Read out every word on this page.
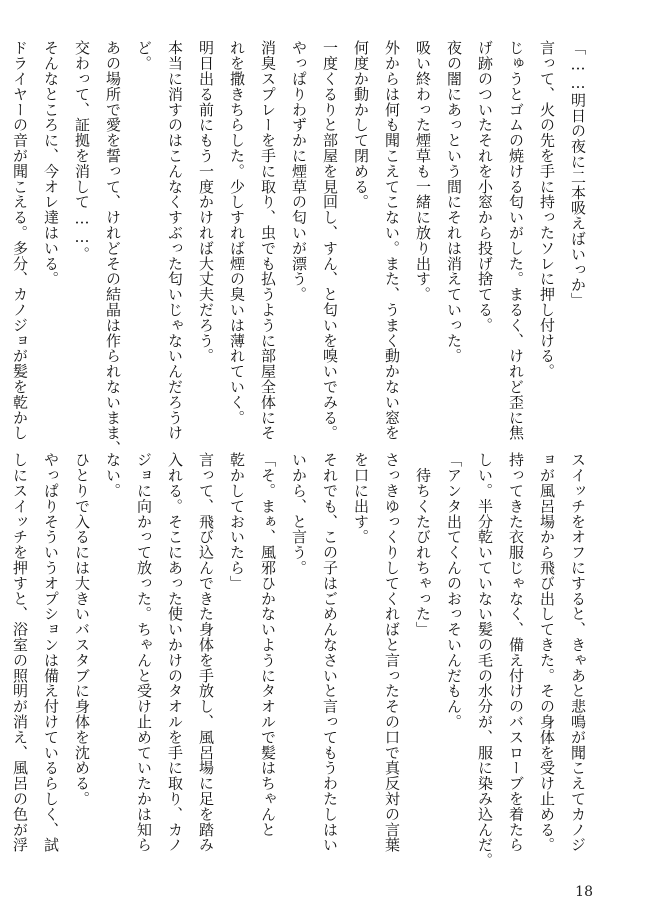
「……明日の夜に二本吸えばいっか」
言って、火の先を手に持ったソレに押し付ける。
じゅうとゴムの焼ける匂いがした。まるく、けれど歪に焦
げ跡のついたそれを小窓から投げ捨てる。
夜の闇にあっという間にそれは消えていった。
吸い終わった煙草も一緒に放り出す。
外からは何も聞こえてこない。また、うまく動かない窓を
何度か動かして閉める。
一度くるりと部屋を見回し、すん、と匂いを嗅いでみる。
やっぱりわずかに煙草の匂いが漂う。
消臭スプレーを手に取り、虫でも払うように部屋全体にそ
れを撒きちらした。少しすれば煙の臭いは薄れていく。
明日出る前にもう一度かければ大丈夫だろう。
本当に消すのはこんなくすぶった匂いじゃないんだろうけ
ど。
あの場所で愛を誓って、けれどその結晶は作られないまま、
交わって、証拠を消して……。
そんなところに、今オレ達はいる。
ドライヤーの音が聞こえる。多分、カノジョが髪を乾かし
スイッチをオフにすると、きゃあと悲鳴が聞こえてカノジ
ョが風呂場から飛び出してきた。その身体を受け止める。
持ってきた衣服じゃなく、備え付けのバスローブを着たら
しい。半分乾いていない髪の毛の水分が、服に染み込んだ。
「アンタ出てくんのおっそいんだもん。
　待ちくたびれちゃった」
さっきゆっくりしてくればと言ったその口で真反対の言葉
を口に出す。
それでも、この子はごめんなさいと言ってもうわたしはい
いから、と言う。
「そ。まぁ、風邪ひかないようにタオルで髪はちゃんと
乾かしておいたら」
言って、飛び込んできた身体を手放し、風呂場に足を踏み
入れる。そこにあった使いかけのタオルを手に取り、カノ
ジョに向かって放った。ちゃんと受け止めていたかは知ら
ない。
ひとりで入るには大きいバスタブに身体を沈める。
やっぱりそういうオプションは備え付けているらしく、試
しにスイッチを押すと、浴室の照明が消え、風呂の色が浮
18
